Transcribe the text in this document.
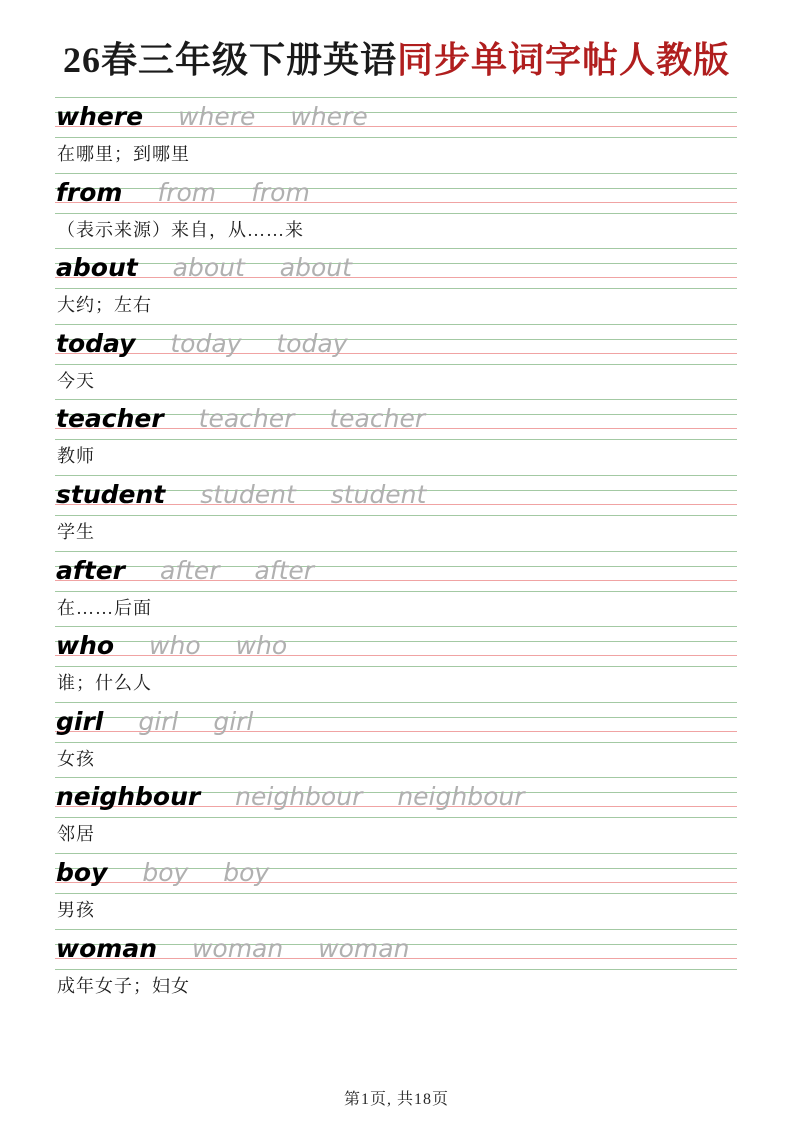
26春三年级下册英语同步单词字帖人教版
where where where
在哪里；到哪里
from from from
（表示来源）来自，从……来
about about about
大约；左右
today today today
今天
teacher teacher teacher
教师
student student student
学生
after after after
在……后面
who who who
谁；什么人
girl girl girl
女孩
neighbour neighbour neighbour
邻居
boy boy boy
男孩
woman woman woman
成年女子；妇女
第1页, 共18页
